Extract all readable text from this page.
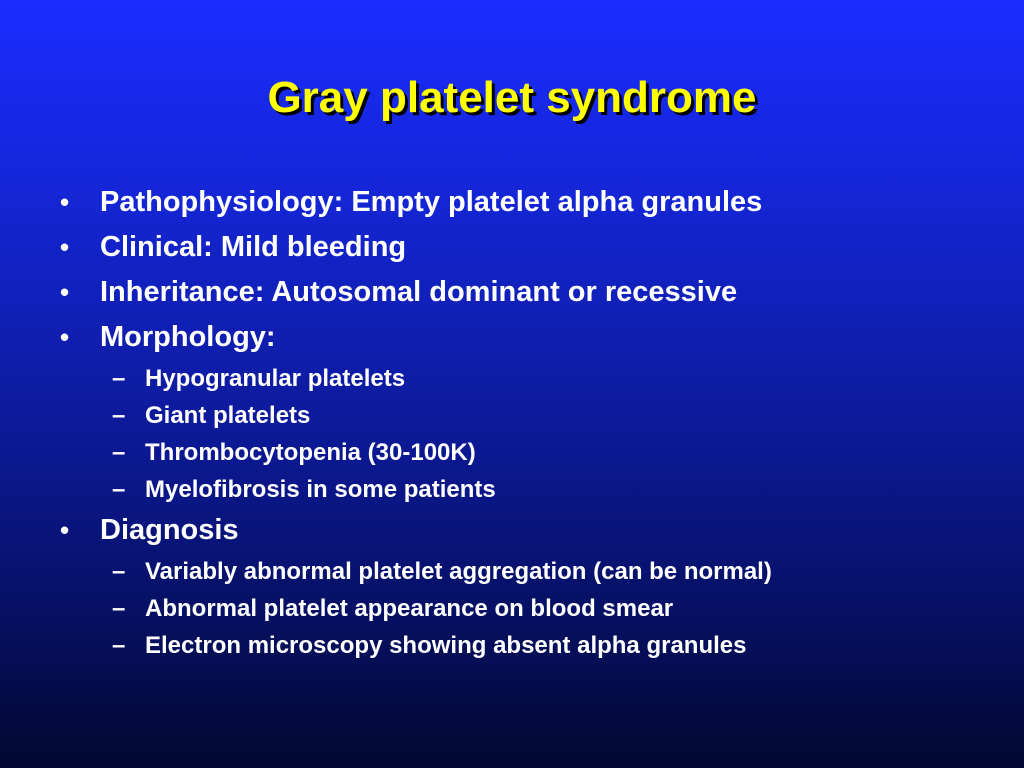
Gray platelet syndrome
• Pathophysiology: Empty platelet alpha granules
• Clinical: Mild bleeding
• Inheritance: Autosomal dominant or recessive
• Morphology:
– Hypogranular platelets
– Giant platelets
– Thrombocytopenia (30-100K)
– Myelofibrosis in some patients
• Diagnosis
– Variably abnormal platelet aggregation (can be normal)
– Abnormal platelet appearance on blood smear
– Electron microscopy showing absent alpha granules
